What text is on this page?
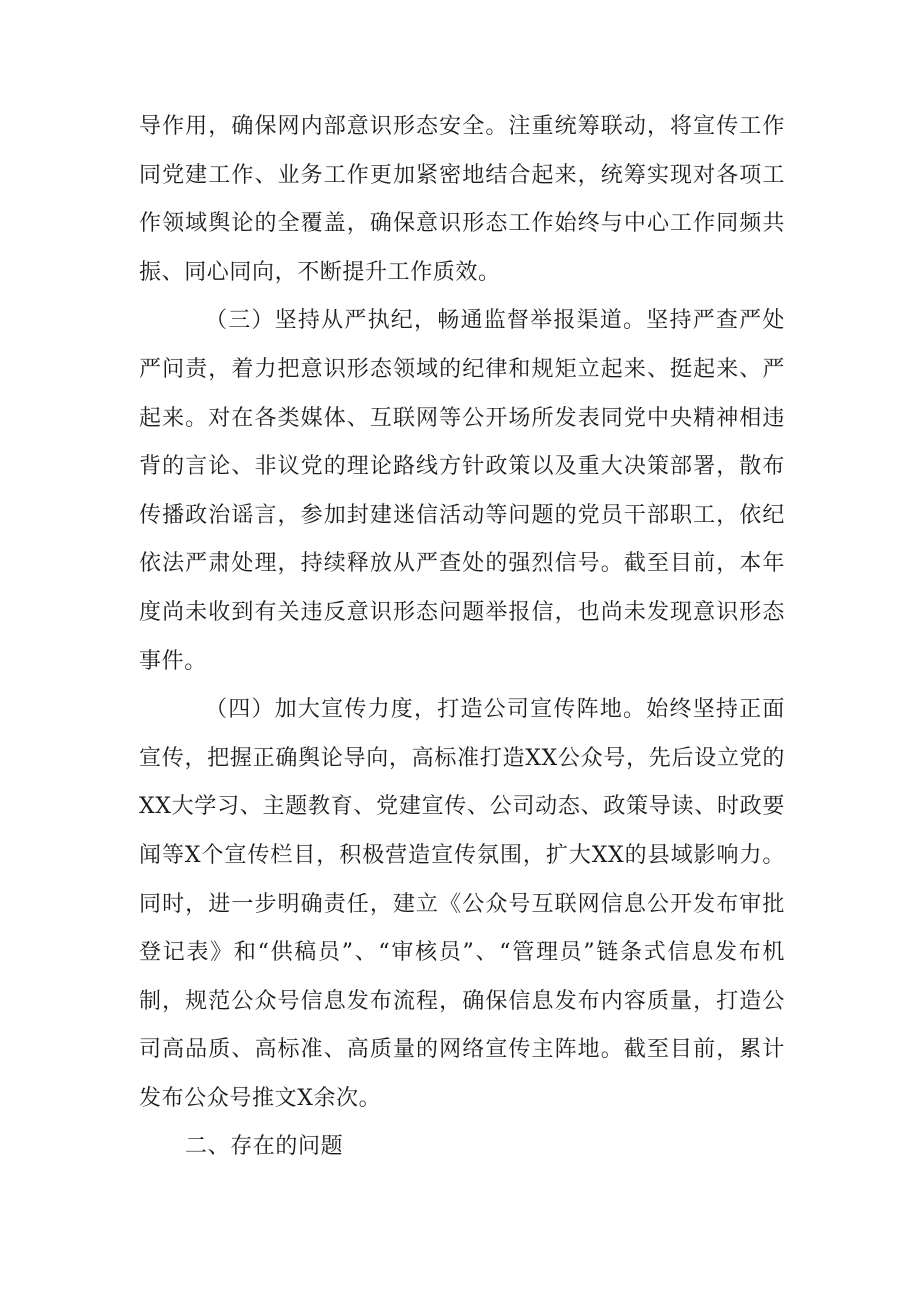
导作用，确保网内部意识形态安全。注重统筹联动，将宣传工作同党建工作、业务工作更加紧密地结合起来，统筹实现对各项工作领域舆论的全覆盖，确保意识形态工作始终与中心工作同频共振、同心同向，不断提升工作质效。

（三）坚持从严执纪，畅通监督举报渠道。坚持严查严处严问责，着力把意识形态领域的纪律和规矩立起来、挺起来、严起来。对在各类媒体、互联网等公开场所发表同党中央精神相违背的言论、非议党的理论路线方针政策以及重大决策部署，散布传播政治谣言，参加封建迷信活动等问题的党员干部职工，依纪依法严肃处理，持续释放从严查处的强烈信号。截至目前，本年度尚未收到有关违反意识形态问题举报信，也尚未发现意识形态事件。

（四）加大宣传力度，打造公司宣传阵地。始终坚持正面宣传，把握正确舆论导向，高标准打造XX公众号，先后设立党的XX大学习、主题教育、党建宣传、公司动态、政策导读、时政要闻等X个宣传栏目，积极营造宣传氛围，扩大XX的县域影响力。同时，进一步明确责任，建立《公众号互联网信息公开发布审批登记表》和“供稿员”、“审核员”、“管理员”链条式信息发布机制，规范公众号信息发布流程，确保信息发布内容质量，打造公司高品质、高标准、高质量的网络宣传主阵地。截至目前，累计发布公众号推文X余次。

二、存在的问题
